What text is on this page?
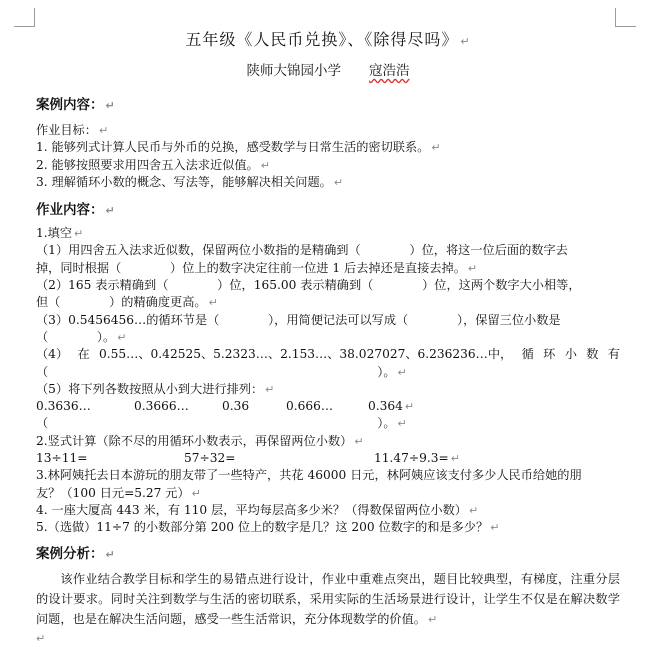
五年级《人民币兑换》、《除得尽吗》 ↵
陕师大锦园小学 寇浩浩
案例内容： ↵
作业目标： ↵
1. 能够列式计算人民币与外币的兑换，感受数学与日常生活的密切联系。 ↵
2. 能够按照要求用四舍五入法求近似值。 ↵
3. 理解循环小数的概念、写法等，能够解决相关问题。 ↵
作业内容： ↵
1.填空 ↵
（1）用四舍五入法求近似数，保留两位小数指的是精确到（　　　　）位，将这一位后面的数字去
掉，同时根据（　　　　）位上的数字决定往前一位进 1 后去掉还是直接去掉。 ↵
（2）165 表示精确到（　　　　）位，165.00 表示精确到（　　　　）位，这两个数字大小相等，
但（　　　　）的精确度更高。 ↵
（3）0.5456456…的循环节是（　　　　），用简便记法可以写成（　　　　），保留三位小数是
（　　　　）。 ↵
（4） 在 0.55…、0.42525、5.2323…、2.153…、38.027027、6.236236…中， 循 环 小 数 有
（　　　　　　　　　　　　　　　　　　　　　　　　　　　）。 ↵
（5）将下列各数按照从小到大进行排列： ↵
0.3636…	0.3666…	0.36	0.666…	0.364 ↵
（　　　　　　　　　　　　　　　　　　　　　　　　　　　）。 ↵
2.竖式计算（除不尽的用循环小数表示，再保留两位小数） ↵
13÷11=	57÷32=	11.47÷9.3= ↵
3.林阿姨托去日本游玩的朋友带了一些特产，共花 46000 日元，林阿姨应该支付多少人民币给她的朋
友？（100 日元=5.27 元） ↵
4. 一座大厦高 443 米，有 110 层，平均每层高多少米？（得数保留两位小数） ↵
5.（选做）11÷7 的小数部分第 200 位上的数字是几？这 200 位数字的和是多少？ ↵
案例分析： ↵
该作业结合教学目标和学生的易错点进行设计，作业中重难点突出，题目比较典型，有梯度，注重分层的设计要求。同时关注到数学与生活的密切联系，采用实际的生活场景进行设计，让学生不仅是在解决数学问题，也是在解决生活问题，感受一些生活常识，充分体现数学的价值。 ↵
↵
